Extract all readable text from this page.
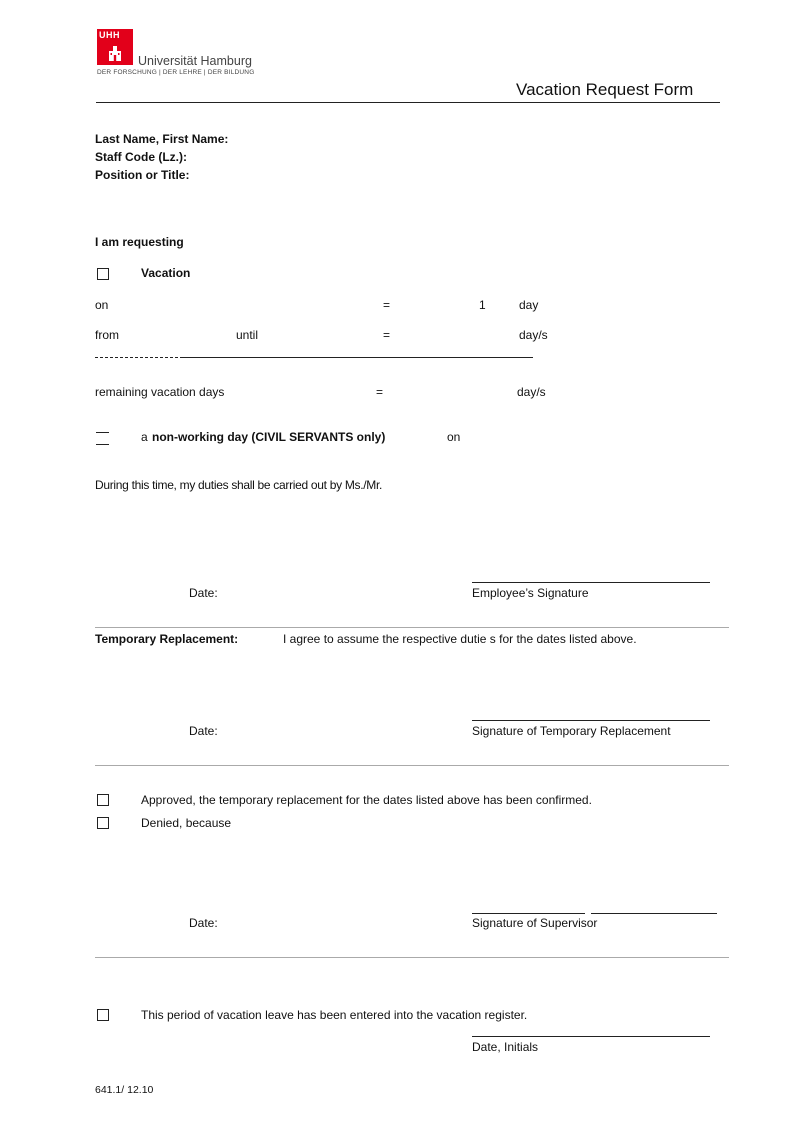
UHH
Universität Hamburg
DER FORSCHUNG | DER LEHRE | DER BILDUNG
Vacation Request Form
Last Name, First Name:
Staff Code (Lz.):
Position or Title:
I am requesting
Vacation
on	=	1	day
from	until	=	day/s
remaining vacation days	=	day/s
a non-working day (CIVIL SERVANTS only)	on
During this time, my duties shall be carried out by Ms./Mr.
Date:	Employee’s Signature
Temporary Replacement:	I agree to assume the respective dutie s for the dates listed above.
Date:	Signature of Temporary Replacement
Approved, the temporary replacement for the dates listed above has been confirmed.
Denied, because
Date:	Signature of Supervisor
This period of vacation leave has been entered into the vacation register.
Date, Initials
641.1/ 12.10
